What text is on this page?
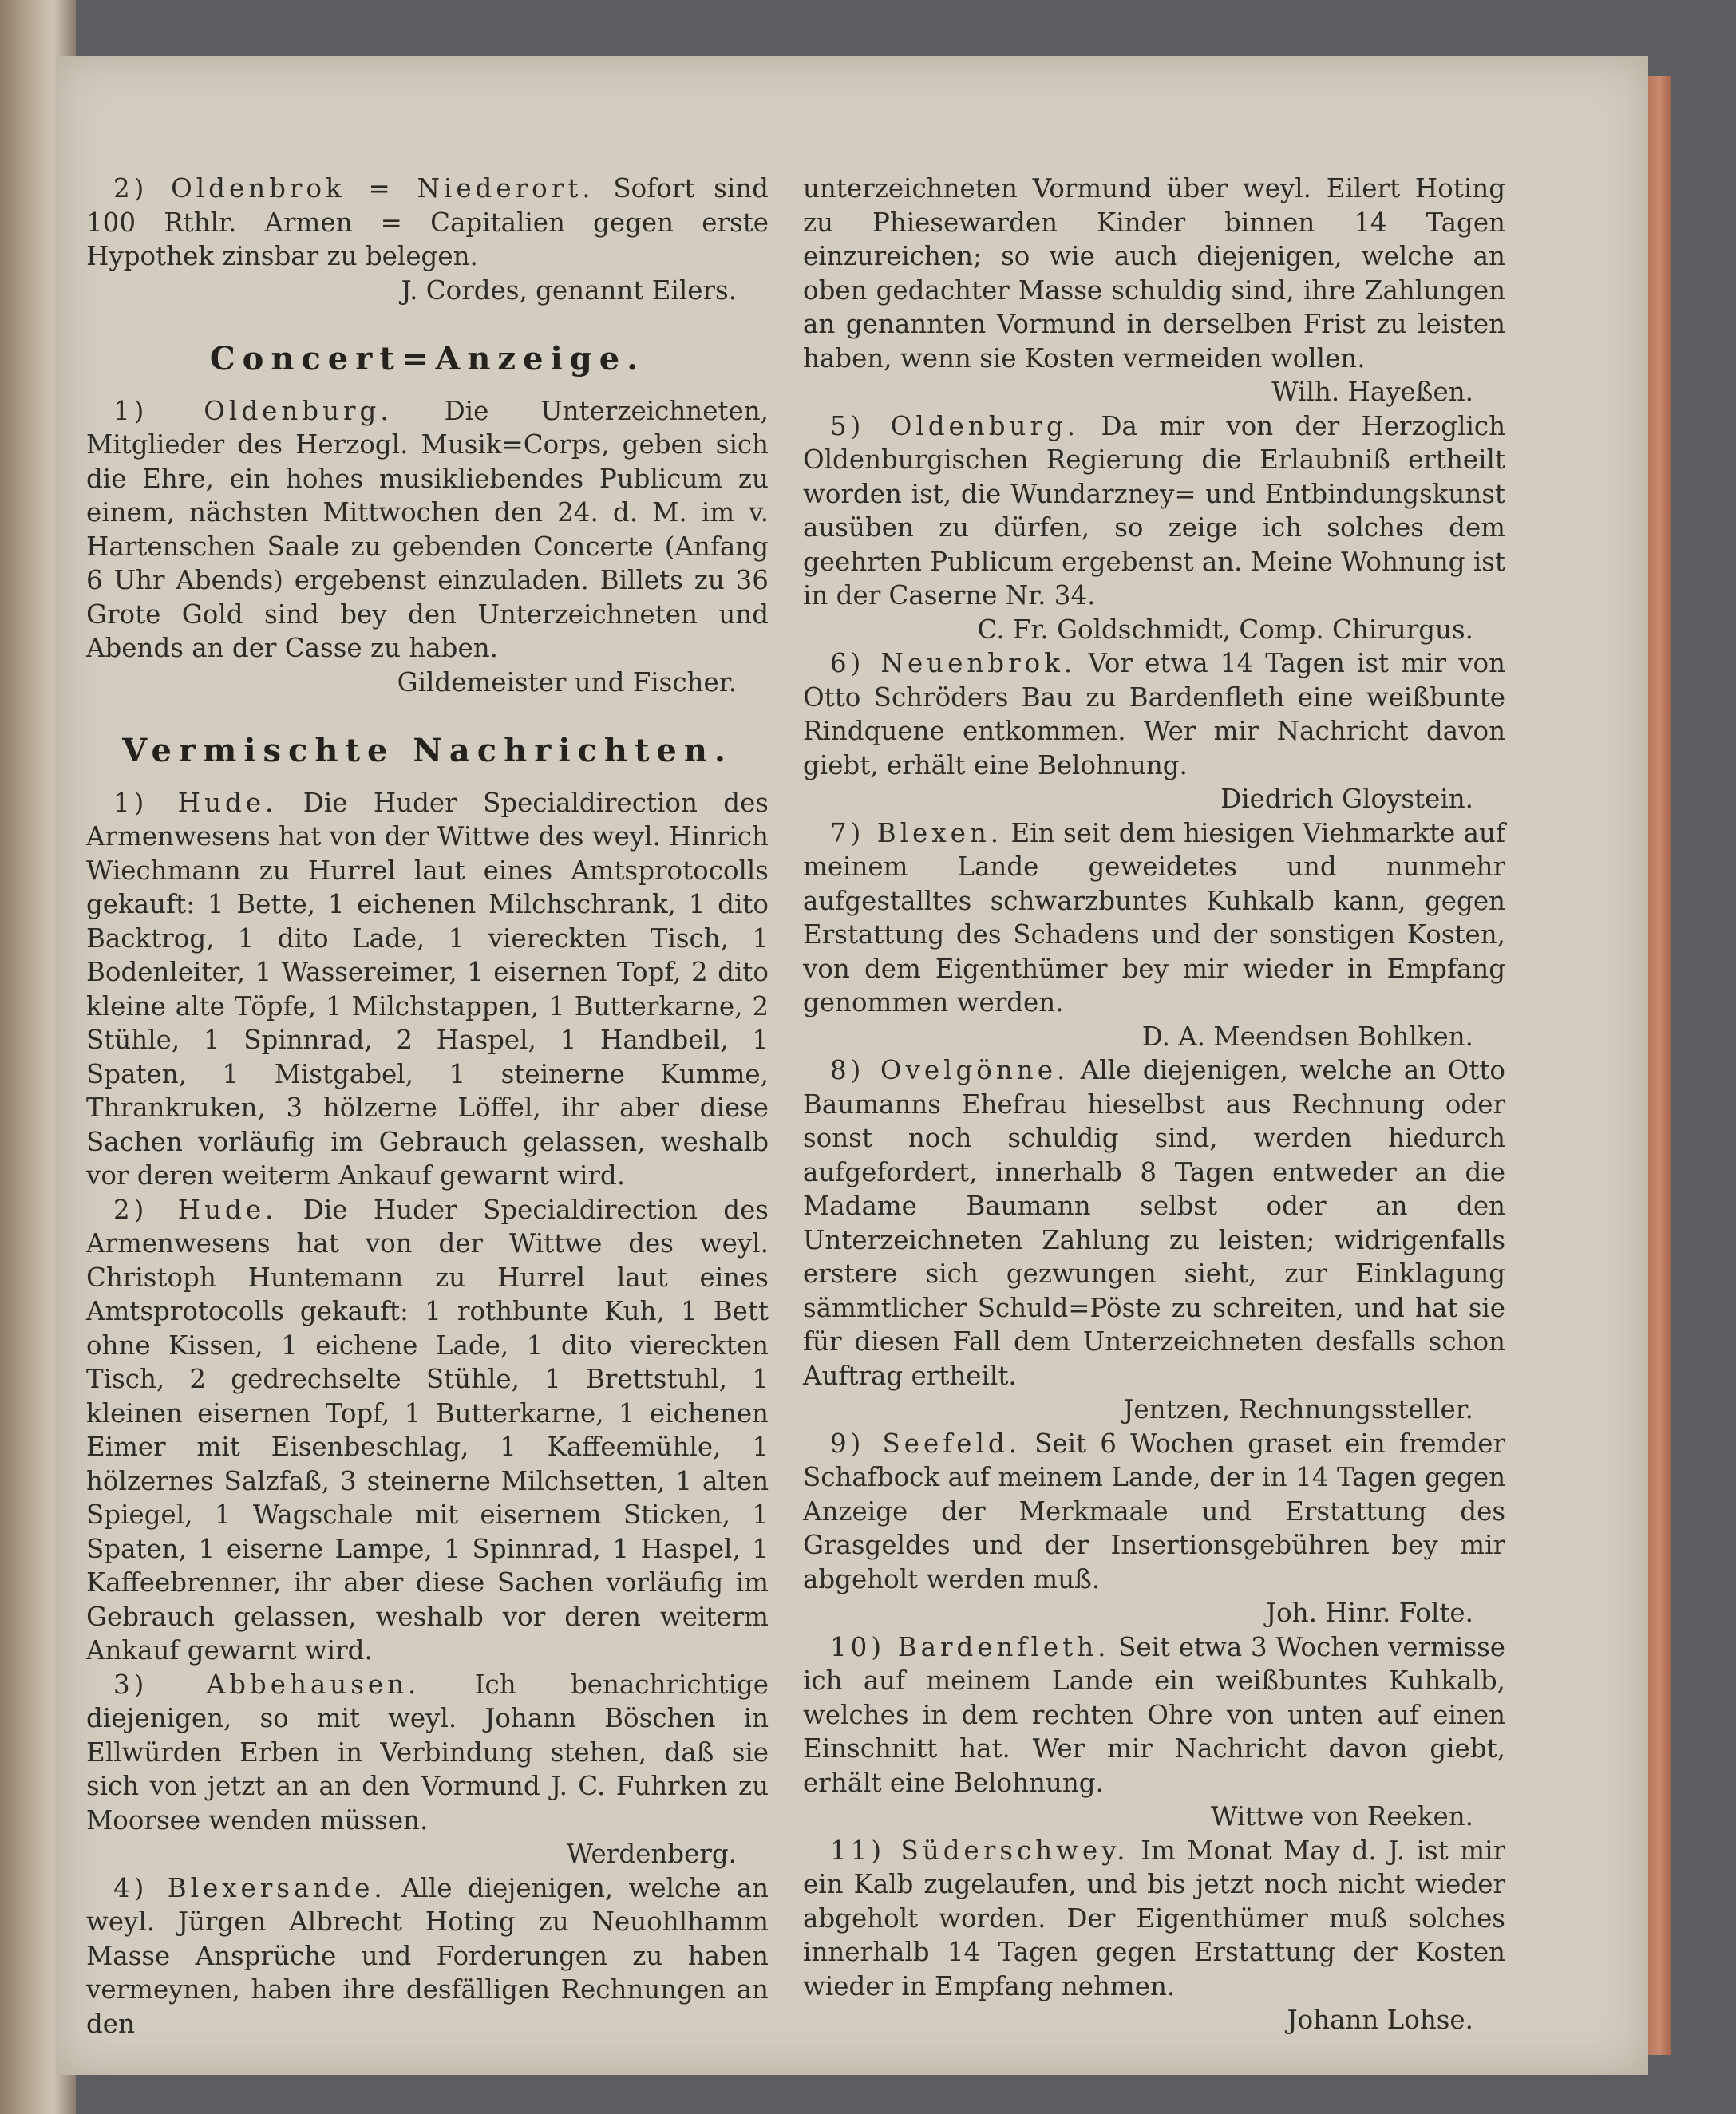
2) Oldenbrok = Niederort. Sofort sind 100 Rthlr. Armen = Capitalien gegen erste Hypothek zinsbar zu belegen.

J. Cordes, genannt Eilers.

Concert=Anzeige.

1) Oldenburg. Die Unterzeichneten, Mitglieder des Herzogl. Musik=Corps, geben sich die Ehre, ein hohes musikliebendes Publicum zu einem, nächsten Mittwochen den 24. d. M. im v. Hartenschen Saale zu gebenden Concerte (Anfang 6 Uhr Abends) ergebenst einzuladen. Billets zu 36 Grote Gold sind bey den Unterzeichneten und Abends an der Casse zu haben.

Gildemeister und Fischer.

Vermischte Nachrichten.

1) Hude. Die Huder Specialdirection des Armenwesens hat von der Wittwe des weyl. Hinrich Wiechmann zu Hurrel laut eines Amtsprotocolls gekauft: 1 Bette, 1 eichenen Milchschrank, 1 dito Backtrog, 1 dito Lade, 1 viereckten Tisch, 1 Bodenleiter, 1 Wassereimer, 1 eisernen Topf, 2 dito kleine alte Töpfe, 1 Milchstappen, 1 Butterkarne, 2 Stühle, 1 Spinnrad, 2 Haspel, 1 Handbeil, 1 Spaten, 1 Mistgabel, 1 steinerne Kumme, Thrankruken, 3 hölzerne Löffel, ihr aber diese Sachen vorläufig im Gebrauch gelassen, weshalb vor deren weiterm Ankauf gewarnt wird.

2) Hude. Die Huder Specialdirection des Armenwesens hat von der Wittwe des weyl. Christoph Huntemann zu Hurrel laut eines Amtsprotocolls gekauft: 1 rothbunte Kuh, 1 Bett ohne Kissen, 1 eichene Lade, 1 dito viereckten Tisch, 2 gedrechselte Stühle, 1 Brettstuhl, 1 kleinen eisernen Topf, 1 Butterkarne, 1 eichenen Eimer mit Eisenbeschlag, 1 Kaffeemühle, 1 hölzernes Salzfaß, 3 steinerne Milchsetten, 1 alten Spiegel, 1 Wagschale mit eisernem Sticken, 1 Spaten, 1 eiserne Lampe, 1 Spinnrad, 1 Haspel, 1 Kaffeebrenner, ihr aber diese Sachen vorläufig im Gebrauch gelassen, weshalb vor deren weiterm Ankauf gewarnt wird.

3) Abbehausen. Ich benachrichtige diejenigen, so mit weyl. Johann Böschen in Ellwürden Erben in Verbindung stehen, daß sie sich von jetzt an an den Vormund J. C. Fuhrken zu Moorsee wenden müssen.

Werdenberg.

4) Blexersande. Alle diejenigen, welche an weyl. Jürgen Albrecht Hoting zu Neuohlhamm Masse Ansprüche und Forderungen zu haben vermeynen, haben ihre desfälligen Rechnungen an den

unterzeichneten Vormund über weyl. Eilert Hoting zu Phiesewarden Kinder binnen 14 Tagen einzureichen; so wie auch diejenigen, welche an oben gedachter Masse schuldig sind, ihre Zahlungen an genannten Vormund in derselben Frist zu leisten haben, wenn sie Kosten vermeiden wollen.

Wilh. Hayeßen.

5) Oldenburg. Da mir von der Herzoglich Oldenburgischen Regierung die Erlaubniß ertheilt worden ist, die Wundarzney= und Entbindungskunst ausüben zu dürfen, so zeige ich solches dem geehrten Publicum ergebenst an. Meine Wohnung ist in der Caserne Nr. 34.

C. Fr. Goldschmidt, Comp. Chirurgus.

6) Neuenbrok. Vor etwa 14 Tagen ist mir von Otto Schröders Bau zu Bardenfleth eine weißbunte Rindquene entkommen. Wer mir Nachricht davon giebt, erhält eine Belohnung.

Diedrich Gloystein.

7) Blexen. Ein seit dem hiesigen Viehmarkte auf meinem Lande geweidetes und nunmehr aufgestalltes schwarzbuntes Kuhkalb kann, gegen Erstattung des Schadens und der sonstigen Kosten, von dem Eigenthümer bey mir wieder in Empfang genommen werden.

D. A. Meendsen Bohlken.

8) Ovelgönne. Alle diejenigen, welche an Otto Baumanns Ehefrau hieselbst aus Rechnung oder sonst noch schuldig sind, werden hiedurch aufgefordert, innerhalb 8 Tagen entweder an die Madame Baumann selbst oder an den Unterzeichneten Zahlung zu leisten; widrigenfalls erstere sich gezwungen sieht, zur Einklagung sämmtlicher Schuld=Pöste zu schreiten, und hat sie für diesen Fall dem Unterzeichneten desfalls schon Auftrag ertheilt.

Jentzen, Rechnungssteller.

9) Seefeld. Seit 6 Wochen graset ein fremder Schafbock auf meinem Lande, der in 14 Tagen gegen Anzeige der Merkmaale und Erstattung des Grasgeldes und der Insertionsgebühren bey mir abgeholt werden muß.

Joh. Hinr. Folte.

10) Bardenfleth. Seit etwa 3 Wochen vermisse ich auf meinem Lande ein weißbuntes Kuhkalb, welches in dem rechten Ohre von unten auf einen Einschnitt hat. Wer mir Nachricht davon giebt, erhält eine Belohnung.

Wittwe von Reeken.

11) Süderschwey. Im Monat May d. J. ist mir ein Kalb zugelaufen, und bis jetzt noch nicht wieder abgeholt worden. Der Eigenthümer muß solches innerhalb 14 Tagen gegen Erstattung der Kosten wieder in Empfang nehmen.

Johann Lohse.
